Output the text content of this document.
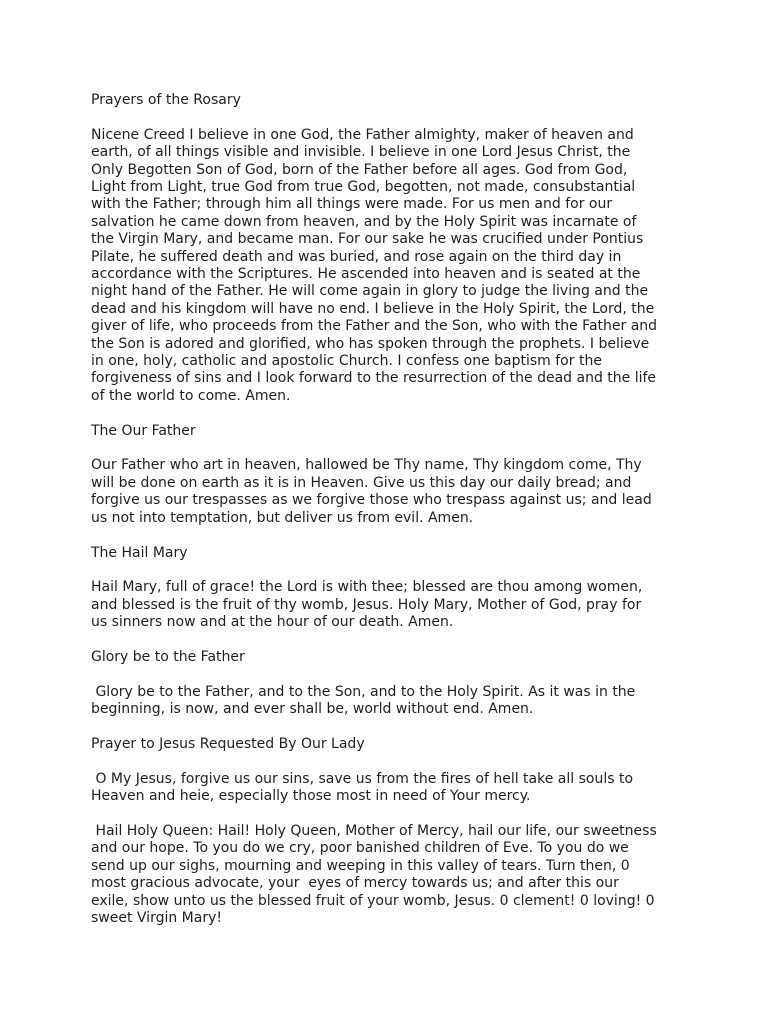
Prayers of the Rosary

Nicene Creed I believe in one God, the Father almighty, maker of heaven and
earth, of all things visible and invisible. I believe in one Lord Jesus Christ, the
Only Begotten Son of God, born of the Father before all ages. God from God,
Light from Light, true God from true God, begotten, not made, consubstantial
with the Father; through him all things were made. For us men and for our
salvation he came down from heaven, and by the Holy Spirit was incarnate of
the Virgin Mary, and became man. For our sake he was crucified under Pontius
Pilate, he suffered death and was buried, and rose again on the third day in
accordance with the Scriptures. He ascended into heaven and is seated at the
night hand of the Father. He will come again in glory to judge the living and the
dead and his kingdom will have no end. I believe in the Holy Spirit, the Lord, the
giver of life, who proceeds from the Father and the Son, who with the Father and
the Son is adored and glorified, who has spoken through the prophets. I believe
in one, holy, catholic and apostolic Church. I confess one baptism for the
forgiveness of sins and I look forward to the resurrection of the dead and the life
of the world to come. Amen.

The Our Father

Our Father who art in heaven, hallowed be Thy name, Thy kingdom come, Thy
will be done on earth as it is in Heaven. Give us this day our daily bread; and
forgive us our trespasses as we forgive those who trespass against us; and lead
us not into temptation, but deliver us from evil. Amen.

The Hail Mary

Hail Mary, full of grace! the Lord is with thee; blessed are thou among women,
and blessed is the fruit of thy womb, Jesus. Holy Mary, Mother of God, pray for
us sinners now and at the hour of our death. Amen.

Glory be to the Father

Glory be to the Father, and to the Son, and to the Holy Spirit. As it was in the
beginning, is now, and ever shall be, world without end. Amen.

Prayer to Jesus Requested By Our Lady

O My Jesus, forgive us our sins, save us from the fires of hell take all souls to
Heaven and heie, especially those most in need of Your mercy.

Hail Holy Queen: Hail! Holy Queen, Mother of Mercy, hail our life, our sweetness
and our hope. To you do we cry, poor banished children of Eve. To you do we
send up our sighs, mourning and weeping in this valley of tears. Turn then, 0
most gracious advocate, your  eyes of mercy towards us; and after this our
exile, show unto us the blessed fruit of your womb, Jesus. 0 clement! 0 loving! 0
sweet Virgin Mary!
